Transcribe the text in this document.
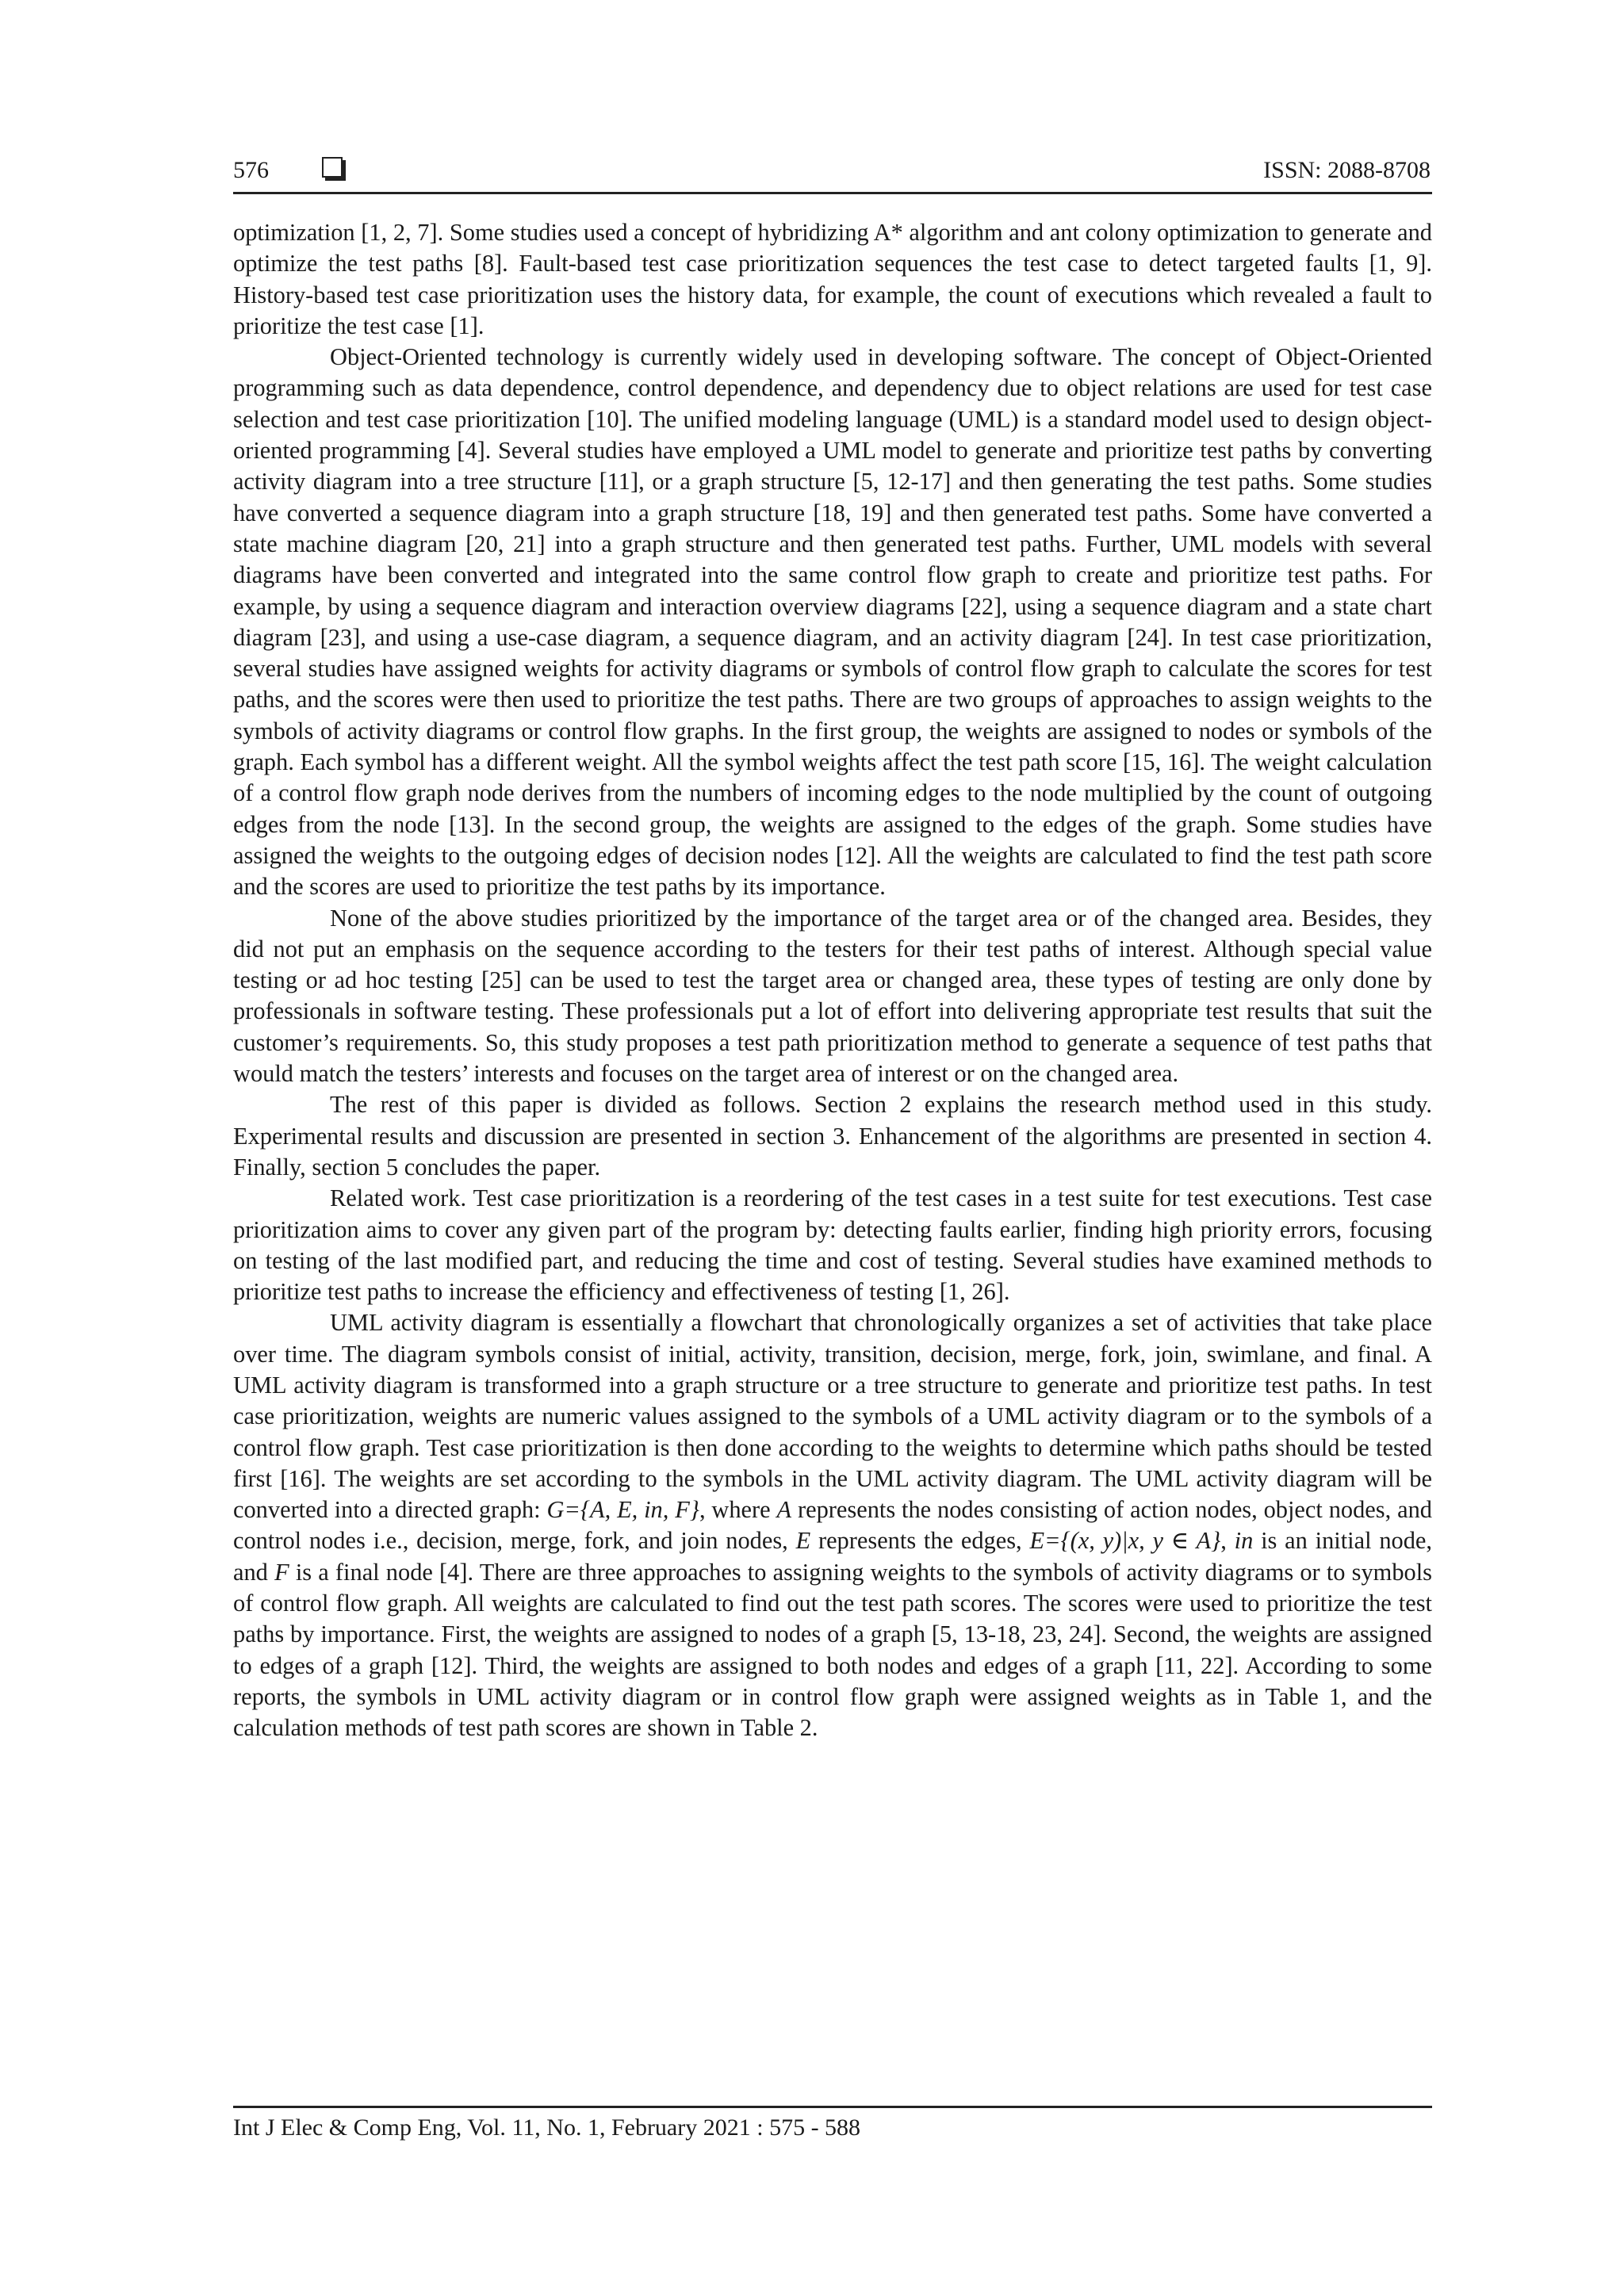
576	ISSN: 2088-8708

optimization [1, 2, 7]. Some studies used a concept of hybridizing A* algorithm and ant colony optimization to generate and optimize the test paths [8]. Fault-based test case prioritization sequences the test case to detect targeted faults [1, 9]. History-based test case prioritization uses the history data, for example, the count of executions which revealed a fault to prioritize the test case [1].

Object-Oriented technology is currently widely used in developing software. The concept of Object-Oriented programming such as data dependence, control dependence, and dependency due to object relations are used for test case selection and test case prioritization [10]. The unified modeling language (UML) is a standard model used to design object-oriented programming [4]. Several studies have employed a UML model to generate and prioritize test paths by converting activity diagram into a tree structure [11], or a graph structure [5, 12-17] and then generating the test paths. Some studies have converted a sequence diagram into a graph structure [18, 19] and then generated test paths. Some have converted a state machine diagram [20, 21] into a graph structure and then generated test paths. Further, UML models with several diagrams have been converted and integrated into the same control flow graph to create and prioritize test paths. For example, by using a sequence diagram and interaction overview diagrams [22], using a sequence diagram and a state chart diagram [23], and using a use-case diagram, a sequence diagram, and an activity diagram [24]. In test case prioritization, several studies have assigned weights for activity diagrams or symbols of control flow graph to calculate the scores for test paths, and the scores were then used to prioritize the test paths. There are two groups of approaches to assign weights to the symbols of activity diagrams or control flow graphs. In the first group, the weights are assigned to nodes or symbols of the graph. Each symbol has a different weight. All the symbol weights affect the test path score [15, 16]. The weight calculation of a control flow graph node derives from the numbers of incoming edges to the node multiplied by the count of outgoing edges from the node [13]. In the second group, the weights are assigned to the edges of the graph. Some studies have assigned the weights to the outgoing edges of decision nodes [12]. All the weights are calculated to find the test path score and the scores are used to prioritize the test paths by its importance.

None of the above studies prioritized by the importance of the target area or of the changed area. Besides, they did not put an emphasis on the sequence according to the testers for their test paths of interest. Although special value testing or ad hoc testing [25] can be used to test the target area or changed area, these types of testing are only done by professionals in software testing. These professionals put a lot of effort into delivering appropriate test results that suit the customer’s requirements. So, this study proposes a test path prioritization method to generate a sequence of test paths that would match the testers’ interests and focuses on the target area of interest or on the changed area.

The rest of this paper is divided as follows. Section 2 explains the research method used in this study. Experimental results and discussion are presented in section 3. Enhancement of the algorithms are presented in section 4. Finally, section 5 concludes the paper.

Related work. Test case prioritization is a reordering of the test cases in a test suite for test executions. Test case prioritization aims to cover any given part of the program by: detecting faults earlier, finding high priority errors, focusing on testing of the last modified part, and reducing the time and cost of testing. Several studies have examined methods to prioritize test paths to increase the efficiency and effectiveness of testing [1, 26].

UML activity diagram is essentially a flowchart that chronologically organizes a set of activities that take place over time. The diagram symbols consist of initial, activity, transition, decision, merge, fork, join, swimlane, and final. A UML activity diagram is transformed into a graph structure or a tree structure to generate and prioritize test paths. In test case prioritization, weights are numeric values assigned to the symbols of a UML activity diagram or to the symbols of a control flow graph. Test case prioritization is then done according to the weights to determine which paths should be tested first [16]. The weights are set according to the symbols in the UML activity diagram. The UML activity diagram will be converted into a directed graph: G={A, E, in, F}, where A represents the nodes consisting of action nodes, object nodes, and control nodes i.e., decision, merge, fork, and join nodes, E represents the edges, E={(x, y)|x, y ∈ A}, in is an initial node, and F is a final node [4]. There are three approaches to assigning weights to the symbols of activity diagrams or to symbols of control flow graph. All weights are calculated to find out the test path scores. The scores were used to prioritize the test paths by importance. First, the weights are assigned to nodes of a graph [5, 13-18, 23, 24]. Second, the weights are assigned to edges of a graph [12]. Third, the weights are assigned to both nodes and edges of a graph [11, 22]. According to some reports, the symbols in UML activity diagram or in control flow graph were assigned weights as in Table 1, and the calculation methods of test path scores are shown in Table 2.

Int J Elec & Comp Eng, Vol. 11, No. 1, February 2021 : 575 - 588
